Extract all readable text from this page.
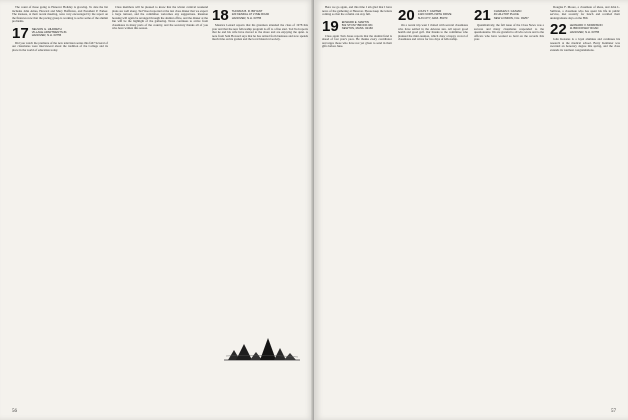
The count of those going to Hanover Holiday is growing. To date the list includes John Ames, Howard and Mary Boffinton, and President P. Parker. The trustees, at their recent meeting, were very encouraged by the report on the finances now that the pacing group is working to solve some of the alumni problems.

17 NELSON G. HILDRETH
VILLAGE APARTMENTS #1
HANOVER, N.H. 03755

Did you watch the premiere of the new television series this fall? Several of our classmates were interviewed about the tradition of the College and its place in the world of education today.

Class members will be pleased to know that the winter carnival weekend plans are well along. Ted Wood reported at the last class dinner that we expect a large turnout, and the committee welcomes any suggestions. Reunion housing will again be arranged through the alumni office, and the dinner at the Inn will be the highlight of the gathering. News continues to arrive from classmates in many parts of the country, and the secretary thanks all of you who have written this season.

18 THOMAS B. R. BRYANT
220 KENDAL AT LYME ROAD
HANOVER, N.H. 03755

Maurice Lenard reports that his grandson attended the class of 1978 this year and that the new fellowship program is off to a fine start. Tod Tod reports that he and his wife have moved to the shore and are enjoying the quiet. A note from Sam Howard says that he has retired from business and now spends much time on his garden and the local historical society.

56

Here we go again, and this time I am glad that I have news of the gathering at Hanover. Please keep the letters coming so that the column can stay full.

19 EDWARD E. MARTIN
502 STONY BROOK RD.
NEWTON, MASS. 02160

Class agent Tom Jones reports that the alumni fund is ahead of last year's pace. He thanks every contributor and urges those who have not yet given to send in their gifts before June.

20 LOUIS T. CARTER
1426 NORTH 99TH DRIVE
SUN CITY, ARIZ. 85373

On a recent trip west I visited with several classmates who have settled in the Arizona sun. All report good health and good golf. Our thanks to the committee who planned the mini-reunion, which drew a happy crowd of classmates and wives for two days of fellowship.

21 CHARLES F. GILMAN
49 HILLTOP PLACE
NEW LONDON, N.H. 03257

Quantitatively, the fall issue of the Class News was a success and many classmates responded to the questionnaire. We are grateful to all who wrote and to the officers who have worked so hard on the records this year.

Douglas F. Moore, a classmate of ideas, and John L. Sullivan, a classmate who has spent his life in public service, met recently for lunch and recalled their undergraduate days on the Hill.

22 LEONARD V. MORRISON
11 BROOKWAY ROAD
HANOVER, N.H. 03755

John Kozarus is a loyal alumnus and continues his research at the medical school. Barry Keimaier was awarded an honorary degree this spring, and the class extends its warmest congratulations.

57
